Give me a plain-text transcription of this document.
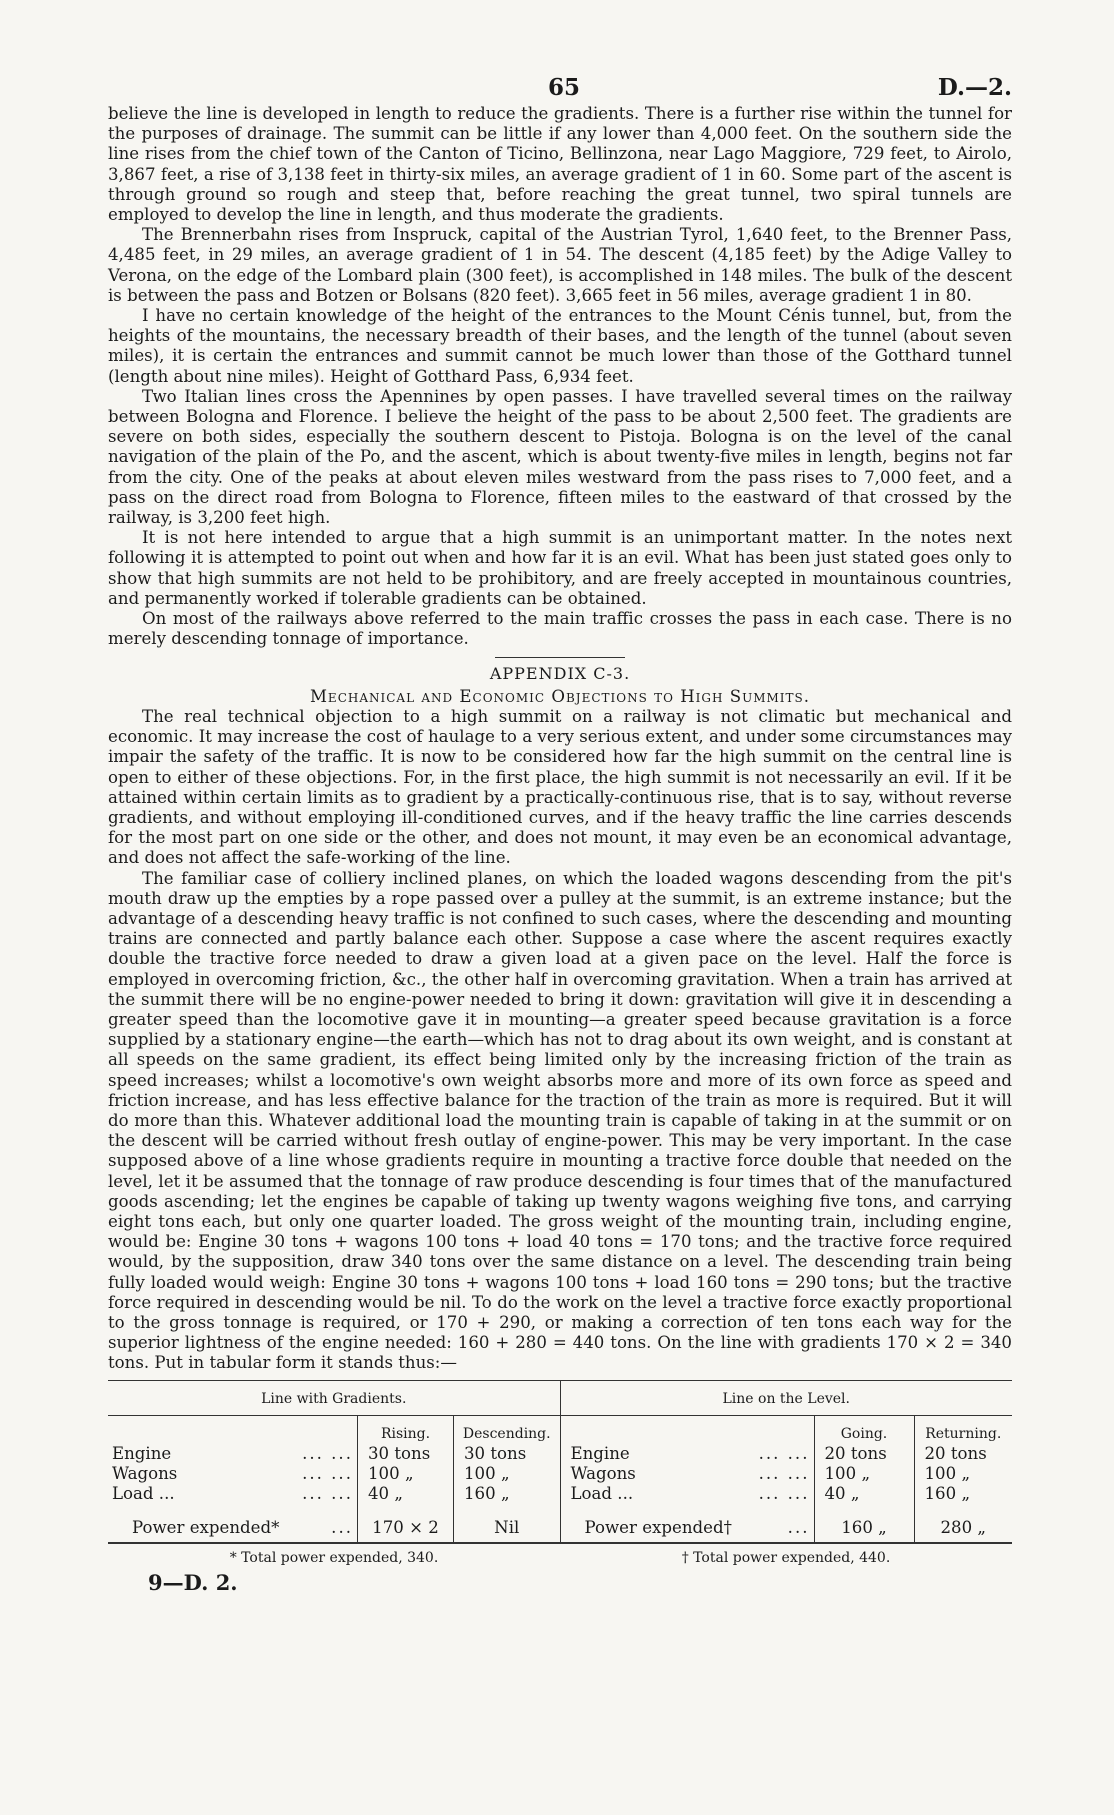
65	D.—2.

believe the line is developed in length to reduce the gradients. There is a further rise within the tunnel for the purposes of drainage. The summit can be little if any lower than 4,000 feet. On the southern side the line rises from the chief town of the Canton of Ticino, Bellinzona, near Lago Maggiore, 729 feet, to Airolo, 3,867 feet, a rise of 3,138 feet in thirty-six miles, an average gradient of 1 in 60. Some part of the ascent is through ground so rough and steep that, before reaching the great tunnel, two spiral tunnels are employed to develop the line in length, and thus moderate the gradients.

The Brennerbahn rises from Inspruck, capital of the Austrian Tyrol, 1,640 feet, to the Brenner Pass, 4,485 feet, in 29 miles, an average gradient of 1 in 54. The descent (4,185 feet) by the Adige Valley to Verona, on the edge of the Lombard plain (300 feet), is accomplished in 148 miles. The bulk of the descent is between the pass and Botzen or Bolsans (820 feet). 3,665 feet in 56 miles, average gradient 1 in 80.

I have no certain knowledge of the height of the entrances to the Mount Cénis tunnel, but, from the heights of the mountains, the necessary breadth of their bases, and the length of the tunnel (about seven miles), it is certain the entrances and summit cannot be much lower than those of the Gotthard tunnel (length about nine miles). Height of Gotthard Pass, 6,934 feet.

Two Italian lines cross the Apennines by open passes. I have travelled several times on the railway between Bologna and Florence. I believe the height of the pass to be about 2,500 feet. The gradients are severe on both sides, especially the southern descent to Pistoja. Bologna is on the level of the canal navigation of the plain of the Po, and the ascent, which is about twenty-five miles in length, begins not far from the city. One of the peaks at about eleven miles westward from the pass rises to 7,000 feet, and a pass on the direct road from Bologna to Florence, fifteen miles to the eastward of that crossed by the railway, is 3,200 feet high.

It is not here intended to argue that a high summit is an unimportant matter. In the notes next following it is attempted to point out when and how far it is an evil. What has been just stated goes only to show that high summits are not held to be prohibitory, and are freely accepted in mountainous countries, and permanently worked if tolerable gradients can be obtained.

On most of the railways above referred to the main traffic crosses the pass in each case. There is no merely descending tonnage of importance.

APPENDIX C-3.
Mechanical and Economic Objections to High Summits.

The real technical objection to a high summit on a railway is not climatic but mechanical and economic. It may increase the cost of haulage to a very serious extent, and under some circumstances may impair the safety of the traffic. It is now to be considered how far the high summit on the central line is open to either of these objections. For, in the first place, the high summit is not necessarily an evil. If it be attained within certain limits as to gradient by a practically-continuous rise, that is to say, without reverse gradients, and without employing ill-conditioned curves, and if the heavy traffic the line carries descends for the most part on one side or the other, and does not mount, it may even be an economical advantage, and does not affect the safe-working of the line.

The familiar case of colliery inclined planes, on which the loaded wagons descending from the pit's mouth draw up the empties by a rope passed over a pulley at the summit, is an extreme instance; but the advantage of a descending heavy traffic is not confined to such cases, where the descending and mounting trains are connected and partly balance each other. Suppose a case where the ascent requires exactly double the tractive force needed to draw a given load at a given pace on the level. Half the force is employed in overcoming friction, &c., the other half in overcoming gravitation. When a train has arrived at the summit there will be no engine-power needed to bring it down: gravitation will give it in descending a greater speed than the locomotive gave it in mounting—a greater speed because gravitation is a force supplied by a stationary engine—the earth—which has not to drag about its own weight, and is constant at all speeds on the same gradient, its effect being limited only by the increasing friction of the train as speed increases; whilst a locomotive's own weight absorbs more and more of its own force as speed and friction increase, and has less effective balance for the traction of the train as more is required. But it will do more than this. Whatever additional load the mounting train is capable of taking in at the summit or on the descent will be carried without fresh outlay of engine-power. This may be very important. In the case supposed above of a line whose gradients require in mounting a tractive force double that needed on the level, let it be assumed that the tonnage of raw produce descending is four times that of the manufactured goods ascending; let the engines be capable of taking up twenty wagons weighing five tons, and carrying eight tons each, but only one quarter loaded. The gross weight of the mounting train, including engine, would be: Engine 30 tons + wagons 100 tons + load 40 tons = 170 tons; and the tractive force required would, by the supposition, draw 340 tons over the same distance on a level. The descending train being fully loaded would weigh: Engine 30 tons + wagons 100 tons + load 160 tons = 290 tons; but the tractive force required in descending would be nil. To do the work on the level a tractive force exactly proportional to the gross tonnage is required, or 170 + 290, or making a correction of ten tons each way for the superior lightness of the engine needed: 160 + 280 = 440 tons. On the line with gradients 170 × 2 = 340 tons. Put in tabular form it stands thus:—

Line with Gradients.
Rising.	Descending.
Engine	... ... 30 tons	30 tons
Wagons	... ... 100 „	100 „
Load ...	... ... 40 „	160 „
Power expended*	...	170 × 2	Nil
Line on the Level.
Going.	Returning.
Engine	... ... 20 tons	20 tons
Wagons	... ... 100 „	100 „
Load ...	... ... 40 „	160 „
Power expended†	...	160 „	280 „
* Total power expended, 340.	† Total power expended, 440.
9—D. 2.
